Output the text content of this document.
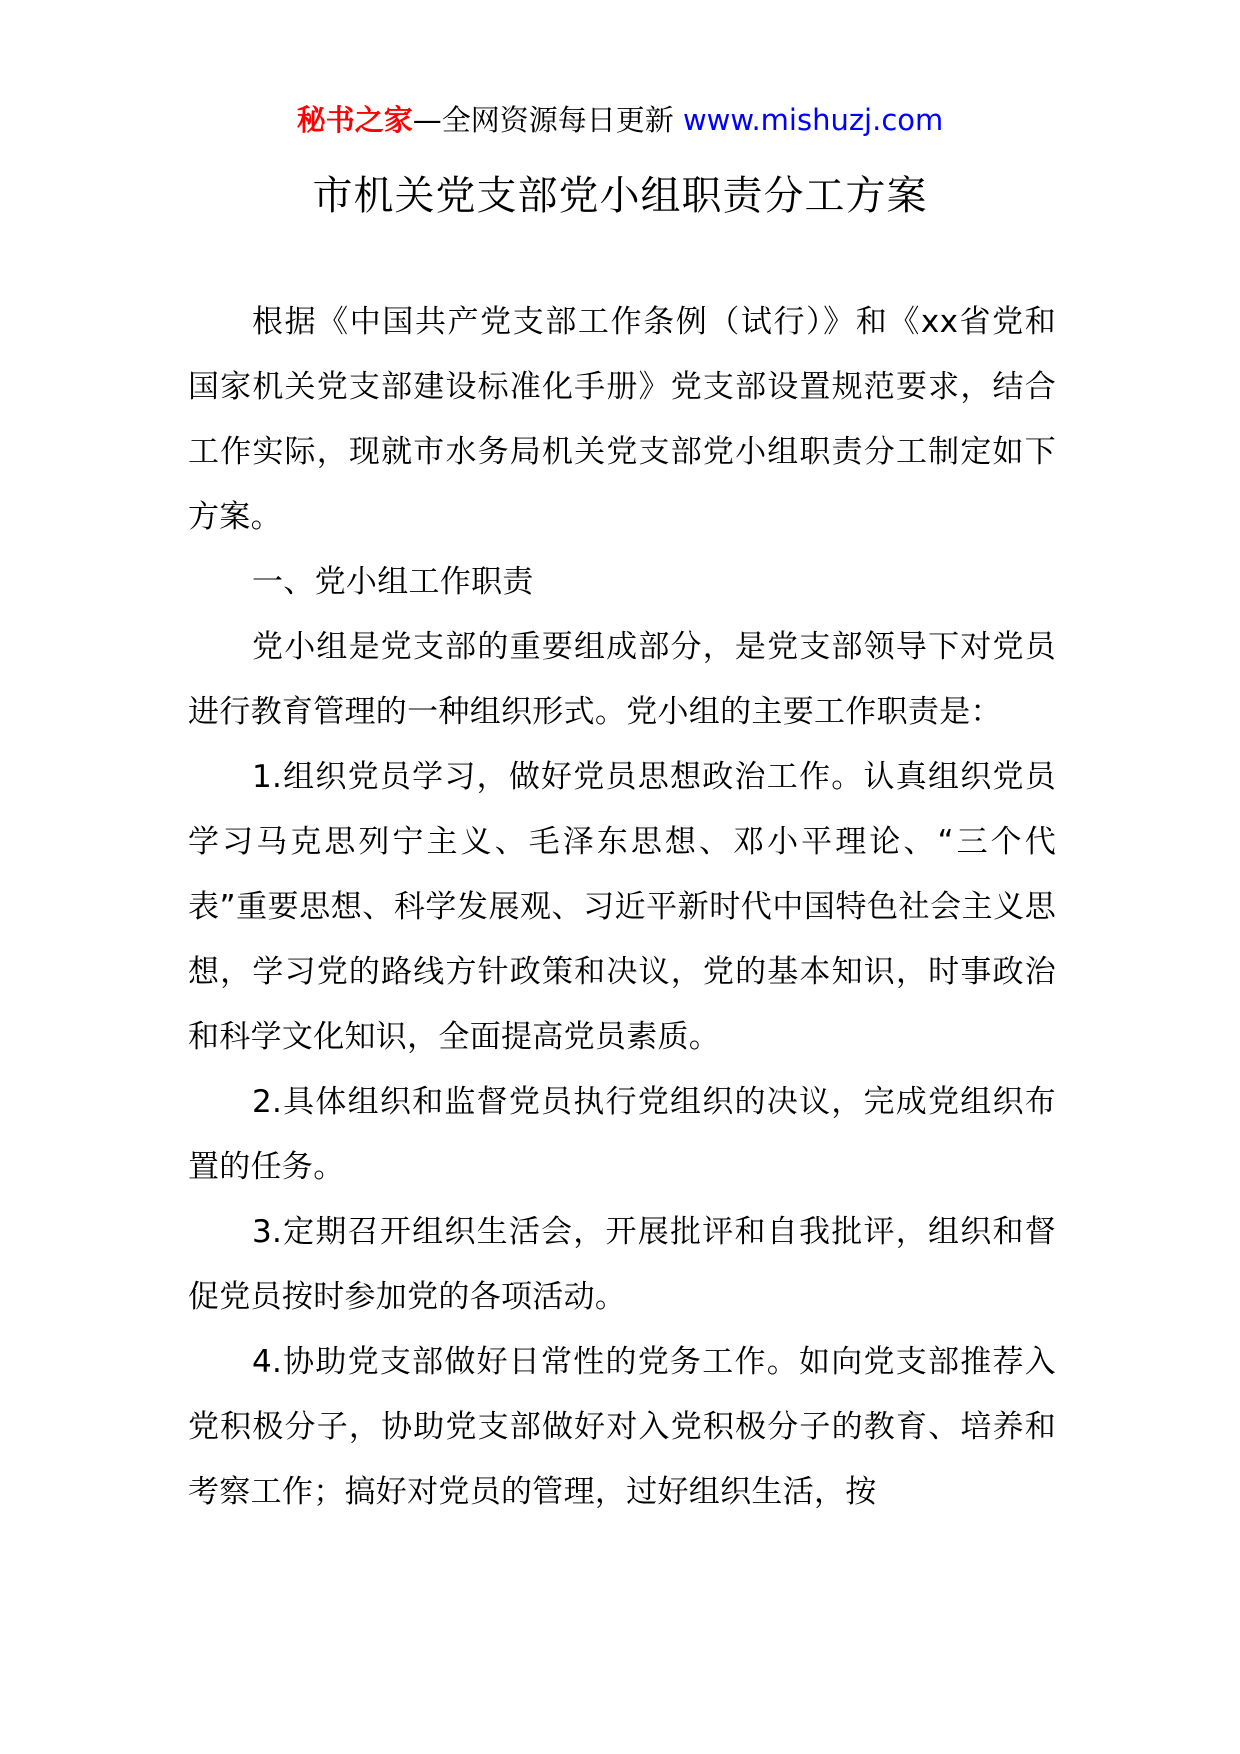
秘书之家—全网资源每日更新 www.mishuzj.com
市机关党支部党小组职责分工方案

根据《中国共产党支部工作条例（试行）》和《xx省党和国家机关党支部建设标准化手册》党支部设置规范要求，结合工作实际，现就市水务局机关党支部党小组职责分工制定如下方案。

一、党小组工作职责

党小组是党支部的重要组成部分，是党支部领导下对党员进行教育管理的一种组织形式。党小组的主要工作职责是：

1.组织党员学习，做好党员思想政治工作。认真组织党员学习马克思列宁主义、毛泽东思想、邓小平理论、“三个代表”重要思想、科学发展观、习近平新时代中国特色社会主义思想，学习党的路线方针政策和决议，党的基本知识，时事政治和科学文化知识，全面提高党员素质。

2.具体组织和监督党员执行党组织的决议，完成党组织布置的任务。

3.定期召开组织生活会，开展批评和自我批评，组织和督促党员按时参加党的各项活动。

4.协助党支部做好日常性的党务工作。如向党支部推荐入党积极分子，协助党支部做好对入党积极分子的教育、培养和考察工作；搞好对党员的管理，过好组织生活，按
